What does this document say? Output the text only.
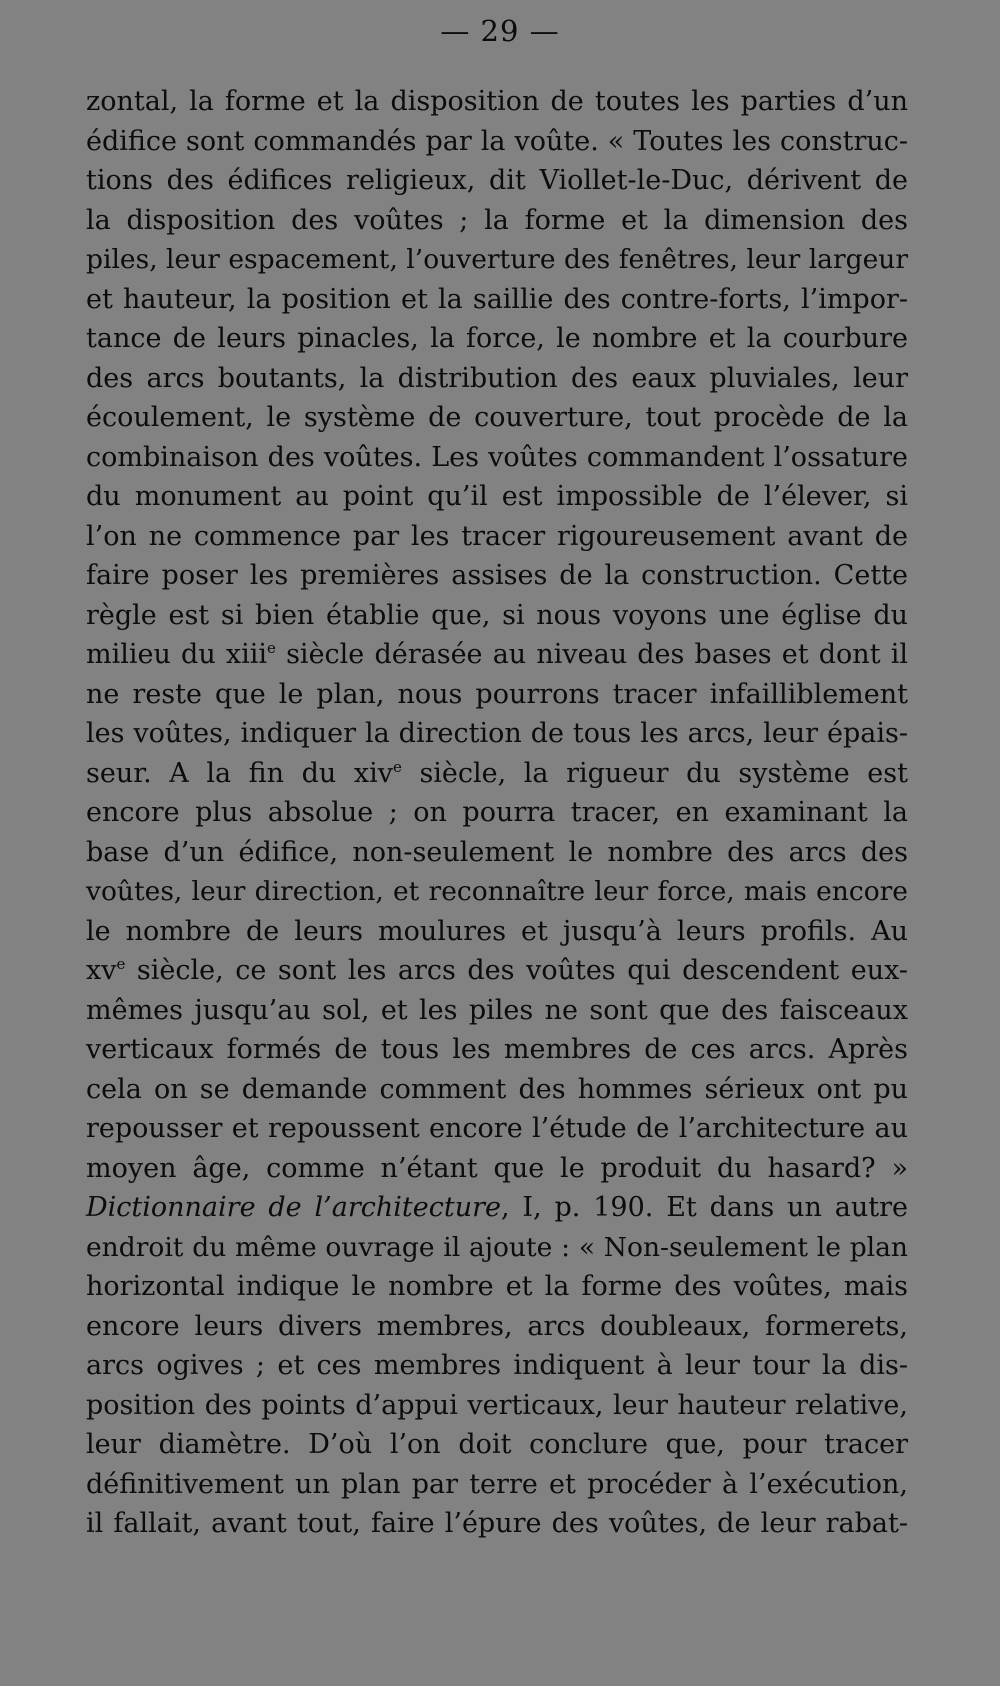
— 29 —
zontal, la forme et la disposition de toutes les parties d’un
édifice sont commandés par la voûte. « Toutes les construc-
tions des édifices religieux, dit Viollet-le-Duc, dérivent de
la disposition des voûtes ; la forme et la dimension des
piles, leur espacement, l’ouverture des fenêtres, leur largeur
et hauteur, la position et la saillie des contre-forts, l’impor-
tance de leurs pinacles, la force, le nombre et la courbure
des arcs boutants, la distribution des eaux pluviales, leur
écoulement, le système de couverture, tout procède de la
combinaison des voûtes. Les voûtes commandent l’ossature
du monument au point qu’il est impossible de l’élever, si
l’on ne commence par les tracer rigoureusement avant de
faire poser les premières assises de la construction. Cette
règle est si bien établie que, si nous voyons une église du
milieu du xiii$^e$ siècle dérasée au niveau des bases et dont il
ne reste que le plan, nous pourrons tracer infailliblement
les voûtes, indiquer la direction de tous les arcs, leur épais-
seur. A la fin du xiv$^e$ siècle, la rigueur du système est
encore plus absolue ; on pourra tracer, en examinant la
base d’un édifice, non-seulement le nombre des arcs des
voûtes, leur direction, et reconnaître leur force, mais encore
le nombre de leurs moulures et jusqu’à leurs profils. Au
$xv^e$ siècle, ce sont les arcs des voûtes qui descendent eux-
mêmes jusqu’au sol, et les piles ne sont que des faisceaux
verticaux formés de tous les membres de ces arcs. Après
cela on se demande comment des hommes sérieux ont pu
repousser et repoussent encore l’étude de l’architecture au
moyen âge, comme n’étant que le produit du hasard? »
Dictionnaire de l’architecture, I, p. 190. Et dans un autre
endroit du même ouvrage il ajoute : « Non-seulement le plan
horizontal indique le nombre et la forme des voûtes, mais
encore leurs divers membres, arcs doubleaux, formerets,
arcs ogives ; et ces membres indiquent à leur tour la dis-
position des points d’appui verticaux, leur hauteur relative,
leur diamètre. D’où l’on doit conclure que, pour tracer
définitivement un plan par terre et procéder à l’exécution,
il fallait, avant tout, faire l’épure des voûtes, de leur rabat-
